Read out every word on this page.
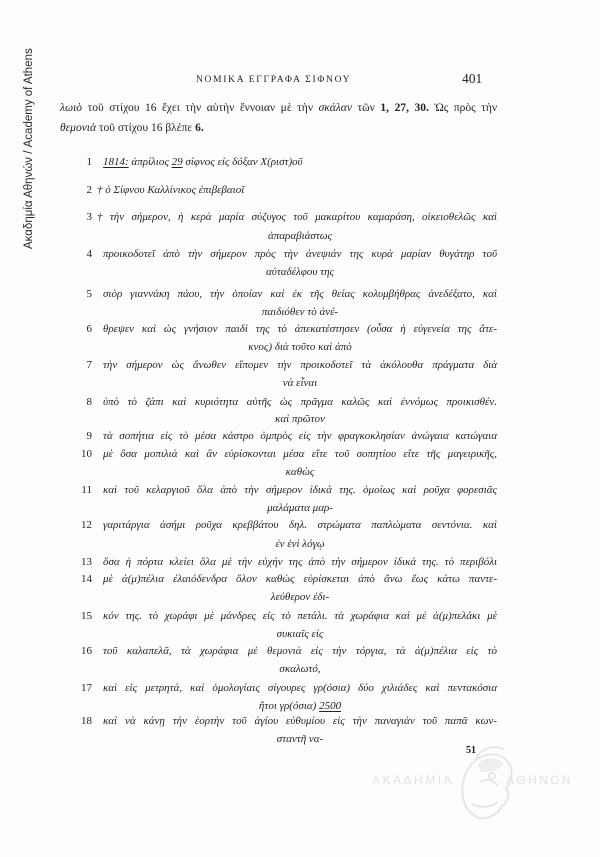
Ακαδημία Αθηνών / Academy of Athens	ΝΟΜΙΚΑ ΕΓΓΡΑΦΑ ΣΙΦΝΟΥ	401
λωιὸ τοῦ στίχου 16 ἔχει τὴν αὐτὴν ἔννοιαν μὲ τὴν σκάλαν τῶν 1, 27, 30. Ὡς πρὸς τὴν
θεμονιὰ τοῦ στίχου 16 βλέπε 6.
1 1814: ἀπρίλιος 29 σίφνος εἰς δόξαν Χ(ριστ)οῦ
2 † ὁ Σίφνου Καλλίνικος ἐπιβεβαιοῖ
3 † τὴν σήμερον, ἡ κερὰ μαρία σύζυγος τοῦ μακαρίτου καμαράση, οἰκειοθελῶς καὶ
ἀπαραβιάστως
4 προικοδοτεῖ ἀπὸ τὴν σήμερον πρὸς τὴν ἀνεψιάν της κυρὰ μαρίαν θυγάτηρ τοῦ
αὐταδέλφου της
5 σιὸρ γιαννάκη πάου, τὴν ὁποίαν καὶ ἐκ τῆς θείας κολυμβήθρας ἀνεδέξατο, καὶ
παιδιόθεν τὸ ἀνέ-
6 θρεψεν καὶ ὡς γνήσιον παιδὶ της τὸ ἀπεκατέστησεν (οὖσα ἡ εὐγενεία της ἄτε-
κνος) διὰ τοῦτο καὶ ἀπὸ
7 τὴν σήμερον ὡς ἄνωθεν εἴπομεν τὴν προικοδοτεῖ τὰ ἀκόλουθα πράγματα διὰ
νὰ εἶναι
8 ὑπὸ τὸ ζάπι καὶ κυριότητα αὐτῆς ὡς πρᾶγμα καλῶς καὶ ἐννόμως προικισθέν.
καὶ πρῶτον
9 τὰ σοπήτια εἰς τὸ μέσα κάστρο ὀμπρὸς εἰς τὴν φραγκοκλησίαν ἀνώγαια κατώγαια
10 μὲ ὅσα μοπιλιὰ καὶ ἂν εὑρίσκονται μέσα εἴτε τοῦ σοπητίου εἴτε τῆς μαγειρικῆς,
καθὼς
11 καὶ τοῦ κελαργιοῦ ὅλα ἀπὸ τὴν σήμερον ἰδικά της. ὁμοίως καὶ ροῦχα φορεσιᾶς
μαλάματα μαρ-
12 γαριτάργια ἀσήμι ροῦχα κρεββάτου δηλ. στρώματα παπλώματα σεντόνια. καὶ
ἐν ἑνὶ λόγῳ
13 ὅσα ἡ πόρτα κλείει ὅλα μὲ τὴν εὐχήν της ἀπὸ τὴν σήμερον ἰδικά της. τὸ περιβόλι
14 μὲ ἀ(μ)πέλια ἐλαιόδενδρα ὅλον καθὼς εὑρίσκεται ἀπὸ ἄνω ἕως κάτω παντε-
λεύθερον ἐδι-
15 κόν της. τὸ χωράφι μὲ μάνδρες εἰς τὸ πετάλι. τὰ χωράφια καὶ μὲ ἀ(μ)πελάκι μὲ
συκιαῖς εἰς
16 τοῦ καλαπελᾶ, τὰ χωράφια μὲ θεμονιὰ εἰς τὴν τόργια, τὰ ἀ(μ)πέλια εἰς τὸ
σκαλωτό,
17 καὶ εἰς μετρητά, καὶ ὁμολογίαις σίγουρες γρ(όσια) δύο χιλιάδες καὶ πεντακόσια
ἤτοι γρ(όσια) 2500
18 καὶ νὰ κάνῃ τὴν ἑορτὴν τοῦ ἁγίου εὐθυμίου εἰς τὴν παναγιὰν τοῦ παπᾶ κων-
σταντῆ να-
51
ΑΚΑΔΗΜΙΑ	ΑΘΗΝΩΝ
